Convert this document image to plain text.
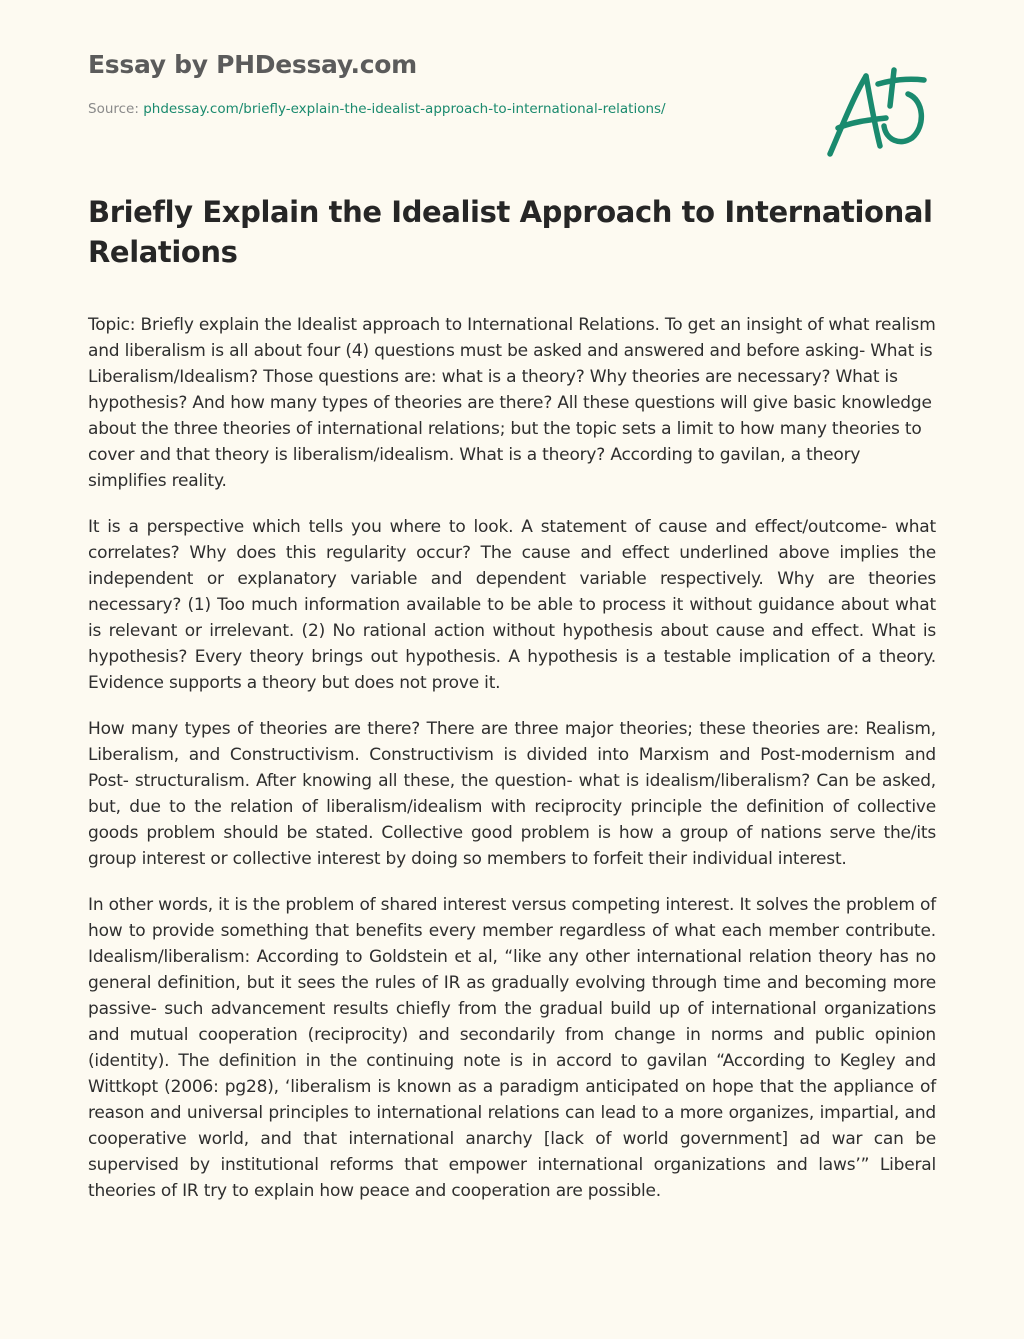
Essay by PHDessay.com
Source: phdessay.com/briefly-explain-the-idealist-approach-to-international-relations/
Briefly Explain the Idealist Approach to International Relations

Topic: Briefly explain the Idealist approach to International Relations. To get an insight of what realism and liberalism is all about four (4) questions must be asked and answered and before asking- What is Liberalism/Idealism? Those questions are: what is a theory? Why theories are necessary? What is hypothesis? And how many types of theories are there? All these questions will give basic knowledge about the three theories of international relations; but the topic sets a limit to how many theories to cover and that theory is liberalism/idealism. What is a theory? According to gavilan, a theory simplifies reality.

It is a perspective which tells you where to look. A statement of cause and effect/outcome- what correlates? Why does this regularity occur? The cause and effect underlined above implies the independent or explanatory variable and dependent variable respectively. Why are theories necessary? (1) Too much information available to be able to process it without guidance about what is relevant or irrelevant. (2) No rational action without hypothesis about cause and effect. What is hypothesis? Every theory brings out hypothesis. A hypothesis is a testable implication of a theory. Evidence supports a theory but does not prove it.

How many types of theories are there? There are three major theories; these theories are: Realism, Liberalism, and Constructivism. Constructivism is divided into Marxism and Post-modernism and Post- structuralism. After knowing all these, the question- what is idealism/liberalism? Can be asked, but, due to the relation of liberalism/idealism with reciprocity principle the definition of collective goods problem should be stated. Collective good problem is how a group of nations serve the/its group interest or collective interest by doing so members to forfeit their individual interest.

In other words, it is the problem of shared interest versus competing interest. It solves the problem of how to provide something that benefits every member regardless of what each member contribute. Idealism/liberalism: According to Goldstein et al, “like any other international relation theory has no general definition, but it sees the rules of IR as gradually evolving through time and becoming more passive- such advancement results chiefly from the gradual build up of international organizations and mutual cooperation (reciprocity) and secondarily from change in norms and public opinion (identity). The definition in the continuing note is in accord to gavilan “According to Kegley and Wittkopt (2006: pg28), ‘liberalism is known as a paradigm anticipated on hope that the appliance of reason and universal principles to international relations can lead to a more organizes, impartial, and cooperative world, and that international anarchy [lack of world government] ad war can be supervised by institutional reforms that empower international organizations and laws’” Liberal theories of IR try to explain how peace and cooperation are possible.
